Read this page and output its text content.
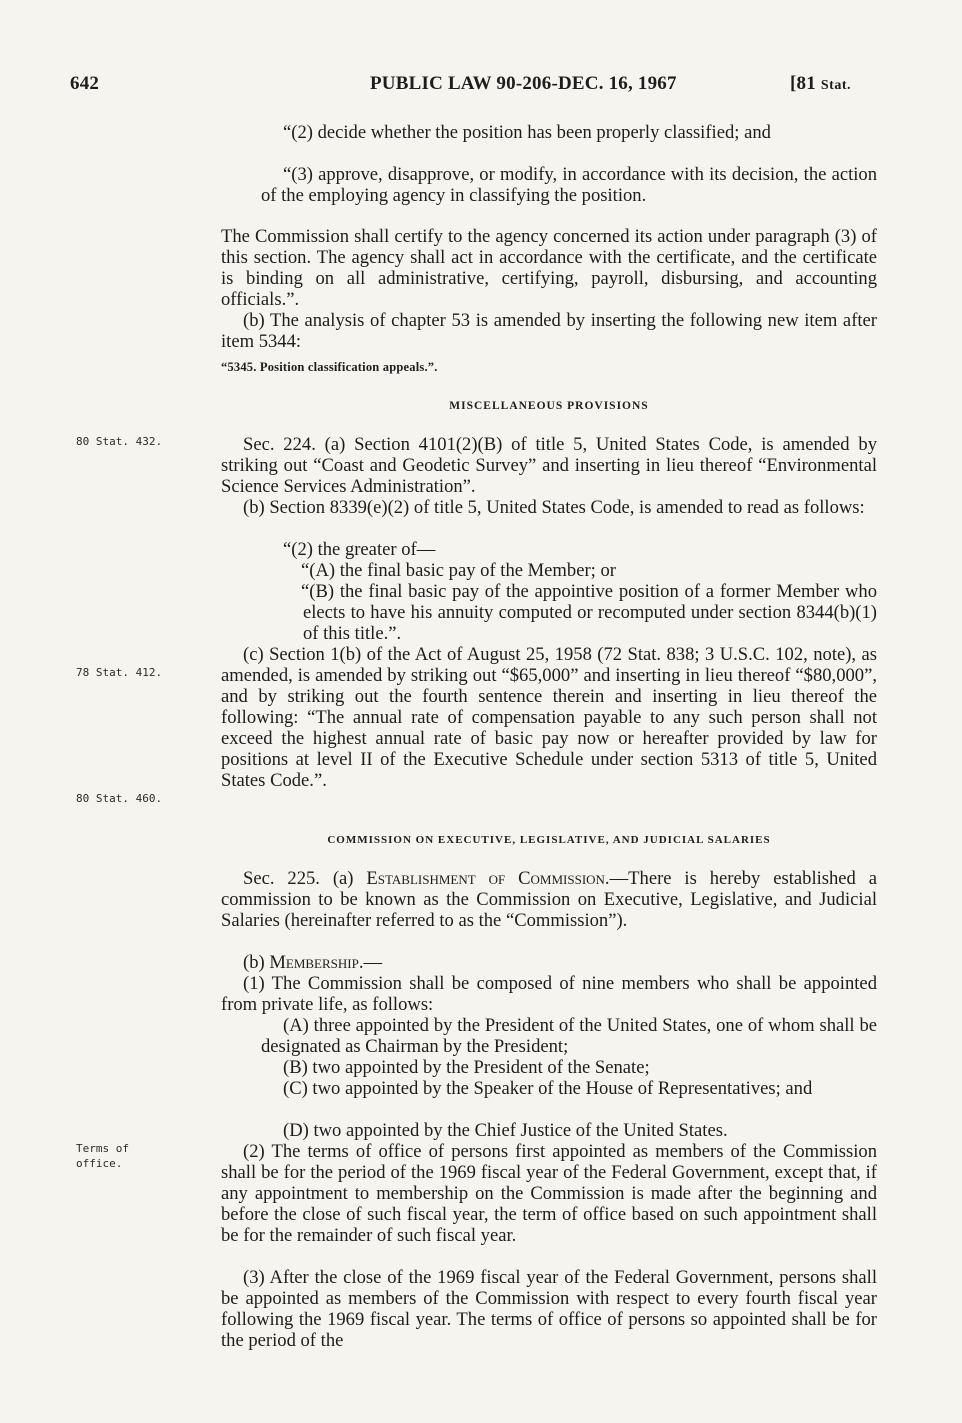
642	PUBLIC LAW 90-206-DEC. 16, 1967	[81 Stat.
80 Stat. 432.
78 Stat. 412.
80 Stat. 460.
Terms of
office.

“(2) decide whether the position has been properly classified; and

“(3) approve, disapprove, or modify, in accordance with its decision, the action of the employing agency in classifying the position.

The Commission shall certify to the agency concerned its action under paragraph (3) of this section. The agency shall act in accordance with the certificate, and the certificate is binding on all administrative, certifying, payroll, disbursing, and accounting officials.”.

(b) The analysis of chapter 53 is amended by inserting the following new item after item 5344:

“5345. Position classification appeals.”.

MISCELLANEOUS PROVISIONS

Sec. 224. (a) Section 4101(2)(B) of title 5, United States Code, is amended by striking out “Coast and Geodetic Survey” and inserting in lieu thereof “Environmental Science Services Administration”.

(b) Section 8339(e)(2) of title 5, United States Code, is amended to read as follows:

“(2) the greater of—

“(A) the final basic pay of the Member; or

“(B) the final basic pay of the appointive position of a former Member who elects to have his annuity computed or recomputed under section 8344(b)(1) of this title.”.

(c) Section 1(b) of the Act of August 25, 1958 (72 Stat. 838; 3 U.S.C. 102, note), as amended, is amended by striking out “$65,000” and inserting in lieu thereof “$80,000”, and by striking out the fourth sentence therein and inserting in lieu thereof the following: “The annual rate of compensation payable to any such person shall not exceed the highest annual rate of basic pay now or hereafter provided by law for positions at level II of the Executive Schedule under section 5313 of title 5, United States Code.”.

COMMISSION ON EXECUTIVE, LEGISLATIVE, AND JUDICIAL SALARIES

Sec. 225. (a) Establishment of Commission.—There is hereby established a commission to be known as the Commission on Executive, Legislative, and Judicial Salaries (hereinafter referred to as the “Commission”).

(b) Membership.—

(1) The Commission shall be composed of nine members who shall be appointed from private life, as follows:

(A) three appointed by the President of the United States, one of whom shall be designated as Chairman by the President;

(B) two appointed by the President of the Senate;

(C) two appointed by the Speaker of the House of Representatives; and

(D) two appointed by the Chief Justice of the United States.

(2) The terms of office of persons first appointed as members of the Commission shall be for the period of the 1969 fiscal year of the Federal Government, except that, if any appointment to membership on the Commission is made after the beginning and before the close of such fiscal year, the term of office based on such appointment shall be for the remainder of such fiscal year.

(3) After the close of the 1969 fiscal year of the Federal Government, persons shall be appointed as members of the Commission with respect to every fourth fiscal year following the 1969 fiscal year. The terms of office of persons so appointed shall be for the period of the
